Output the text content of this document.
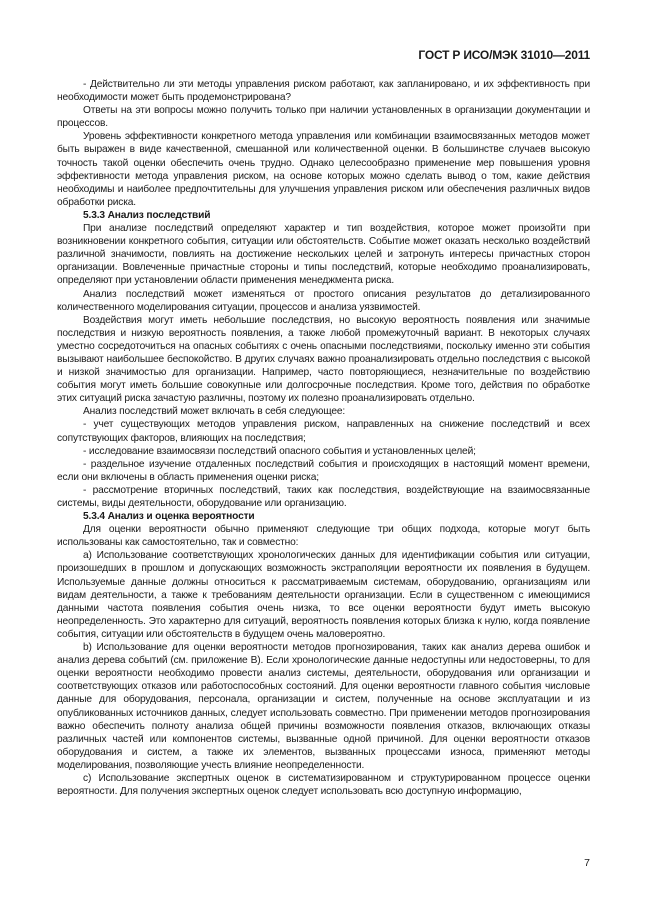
ГОСТ Р ИСО/МЭК 31010—2011

- Действительно ли эти методы управления риском работают, как запланировано, и их эффективность при необходимости может быть продемонстрирована?

Ответы на эти вопросы можно получить только при наличии установленных в организации документации и процессов.

Уровень эффективности конкретного метода управления или комбинации взаимосвязанных методов может быть выражен в виде качественной, смешанной или количественной оценки. В большинстве случаев высокую точность такой оценки обеспечить очень трудно. Однако целесообразно применение мер повышения уровня эффективности метода управления риском, на основе которых можно сделать вывод о том, какие действия необходимы и наиболее предпочтительны для улучшения управления риском или обеспечения различных видов обработки риска.

5.3.3 Анализ последствий

При анализе последствий определяют характер и тип воздействия, которое может произойти при возникновении конкретного события, ситуации или обстоятельств. Событие может оказать несколько воздействий различной значимости, повлиять на достижение нескольких целей и затронуть интересы причастных сторон организации. Вовлеченные причастные стороны и типы последствий, которые необходимо проанализировать, определяют при установлении области применения менеджмента риска.

Анализ последствий может изменяться от простого описания результатов до детализированного количественного моделирования ситуации, процессов и анализа уязвимостей.

Воздействия могут иметь небольшие последствия, но высокую вероятность появления или значимые последствия и низкую вероятность появления, а также любой промежуточный вариант. В некоторых случаях уместно сосредоточиться на опасных событиях с очень опасными последствиями, поскольку именно эти события вызывают наибольшее беспокойство. В других случаях важно проанализировать отдельно последствия с высокой и низкой значимостью для организации. Например, часто повторяющиеся, незначительные по воздействию события могут иметь большие совокупные или долгосрочные последствия. Кроме того, действия по обработке этих ситуаций риска зачастую различны, поэтому их полезно проанализировать отдельно.

Анализ последствий может включать в себя следующее:

- учет существующих методов управления риском, направленных на снижение последствий и всех сопутствующих факторов, влияющих на последствия;

- исследование взаимосвязи последствий опасного события и установленных целей;

- раздельное изучение отдаленных последствий события и происходящих в настоящий момент времени, если они включены в область применения оценки риска;

- рассмотрение вторичных последствий, таких как последствия, воздействующие на взаимосвязанные системы, виды деятельности, оборудование или организацию.

5.3.4 Анализ и оценка вероятности

Для оценки вероятности обычно применяют следующие три общих подхода, которые могут быть использованы как самостоятельно, так и совместно:

a) Использование соответствующих хронологических данных для идентификации события или ситуации, произошедших в прошлом и допускающих возможность экстраполяции вероятности их появления в будущем. Используемые данные должны относиться к рассматриваемым системам, оборудованию, организациям или видам деятельности, а также к требованиям деятельности организации. Если в существенном с имеющимися данными частота появления события очень низка, то все оценки вероятности будут иметь высокую неопределенность. Это характерно для ситуаций, вероятность появления которых близка к нулю, когда появление события, ситуации или обстоятельств в будущем очень маловероятно.

b) Использование для оценки вероятности методов прогнозирования, таких как анализ дерева ошибок и анализ дерева событий (см. приложение В). Если хронологические данные недоступны или недостоверны, то для оценки вероятности необходимо провести анализ системы, деятельности, оборудования или организации и соответствующих отказов или работоспособных состояний. Для оценки вероятности главного события числовые данные для оборудования, персонала, организации и систем, полученные на основе эксплуатации и из опубликованных источников данных, следует использовать совместно. При применении методов прогнозирования важно обеспечить полноту анализа общей причины возможности появления отказов, включающих отказы различных частей или компонентов системы, вызванные одной причиной. Для оценки вероятности отказов оборудования и систем, а также их элементов, вызванных процессами износа, применяют методы моделирования, позволяющие учесть влияние неопределенности.

c) Использование экспертных оценок в систематизированном и структурированном процессе оценки вероятности. Для получения экспертных оценок следует использовать всю доступную информацию,

7
